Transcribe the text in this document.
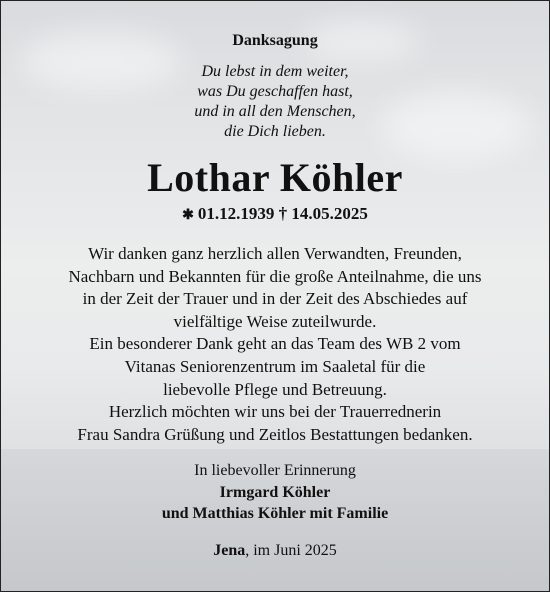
Danksagung
Du lebst in dem weiter,
was Du geschaffen hast,
und in all den Menschen,
die Dich lieben.
Lothar Köhler
✱ 01.12.1939 † 14.05.2025
Wir danken ganz herzlich allen Verwandten, Freunden,
Nachbarn und Bekannten für die große Anteilnahme, die uns
in der Zeit der Trauer und in der Zeit des Abschiedes auf
vielfältige Weise zuteilwurde.
Ein besonderer Dank geht an das Team des WB 2 vom
Vitanas Seniorenzentrum im Saaletal für die
liebevolle Pflege und Betreuung.
Herzlich möchten wir uns bei der Trauerrednerin
Frau Sandra Grüßung und Zeitlos Bestattungen bedanken.
In liebevoller Erinnerung
Irmgard Köhler
und Matthias Köhler mit Familie
Jena, im Juni 2025
